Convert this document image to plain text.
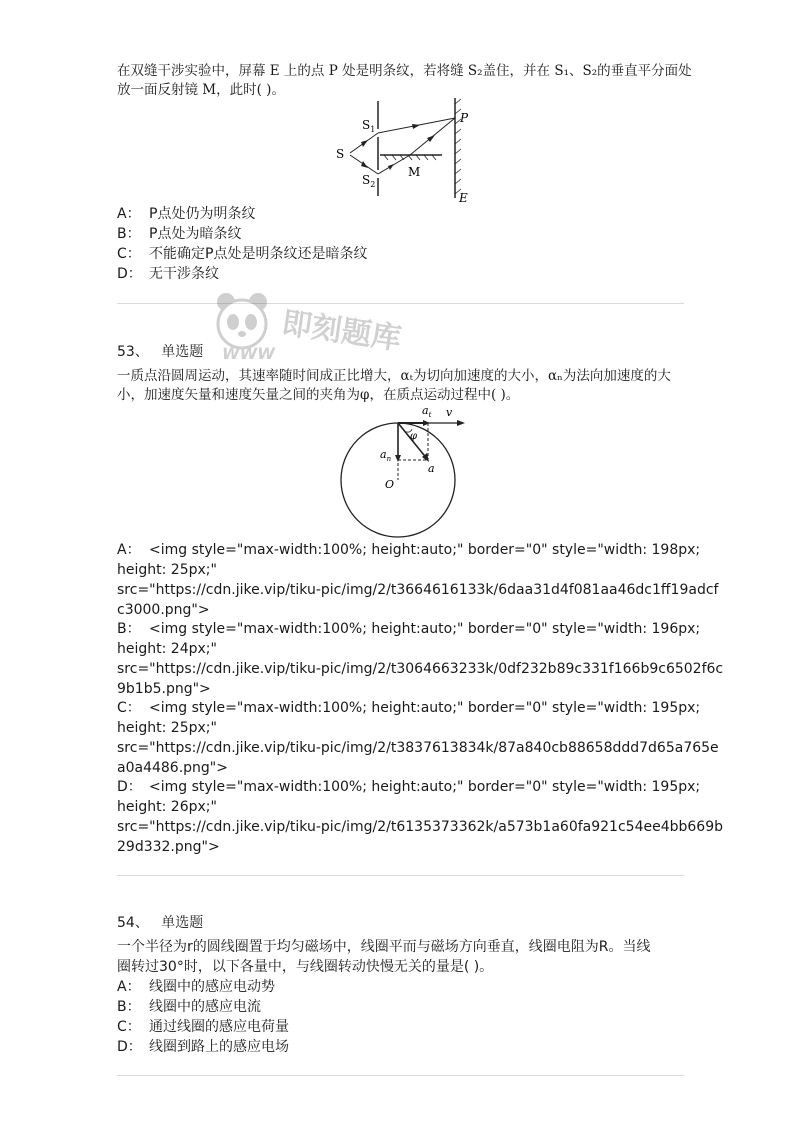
在双缝干涉实验中，屏幕 E 上的点 P 处是明条纹，若将缝 S₂盖住，并在 S₁、S₂的垂直平分面处
放一面反射镜 M，此时( )。
S
$S_1$
$S_2$
P
M
E
A： P点处仍为明条纹
B： P点处为暗条纹
C： 不能确定P点处是明条纹还是暗条纹
D： 无干涉条纹
即刻题库
WWW
53、 单选题
一质点沿圆周运动，其速率随时间成正比增大，αₜ为切向加速度的大小，αₙ为法向加速度的大
小，加速度矢量和速度矢量之间的夹角为φ，在质点运动过程中( )。
$a_t$ v
φ
$a_n$
a
O
A： <img style="max-width:100%; height:auto;" border="0" style="width: 198px;
height: 25px;"
src="https://cdn.jike.vip/tiku-pic/img/2/t3664616133k/6daa31d4f081aa46dc1ff19adcf
c3000.png">
B： <img style="max-width:100%; height:auto;" border="0" style="width: 196px;
height: 24px;"
src="https://cdn.jike.vip/tiku-pic/img/2/t3064663233k/0df232b89c331f166b9c6502f6c
9b1b5.png">
C： <img style="max-width:100%; height:auto;" border="0" style="width: 195px;
height: 25px;"
src="https://cdn.jike.vip/tiku-pic/img/2/t3837613834k/87a840cb88658ddd7d65a765e
a0a4486.png">
D： <img style="max-width:100%; height:auto;" border="0" style="width: 195px;
height: 26px;"
src="https://cdn.jike.vip/tiku-pic/img/2/t6135373362k/a573b1a60fa921c54ee4bb669b
29d332.png">
54、 单选题
一个半径为r的圆线圈置于均匀磁场中，线圈平而与磁场方向垂直，线圈电阻为R。当线
圈转过30°时，以下各量中，与线圈转动快慢无关的量是( )。
A： 线圈中的感应电动势
B： 线圈中的感应电流
C： 通过线圈的感应电荷量
D： 线圈到路上的感应电场
